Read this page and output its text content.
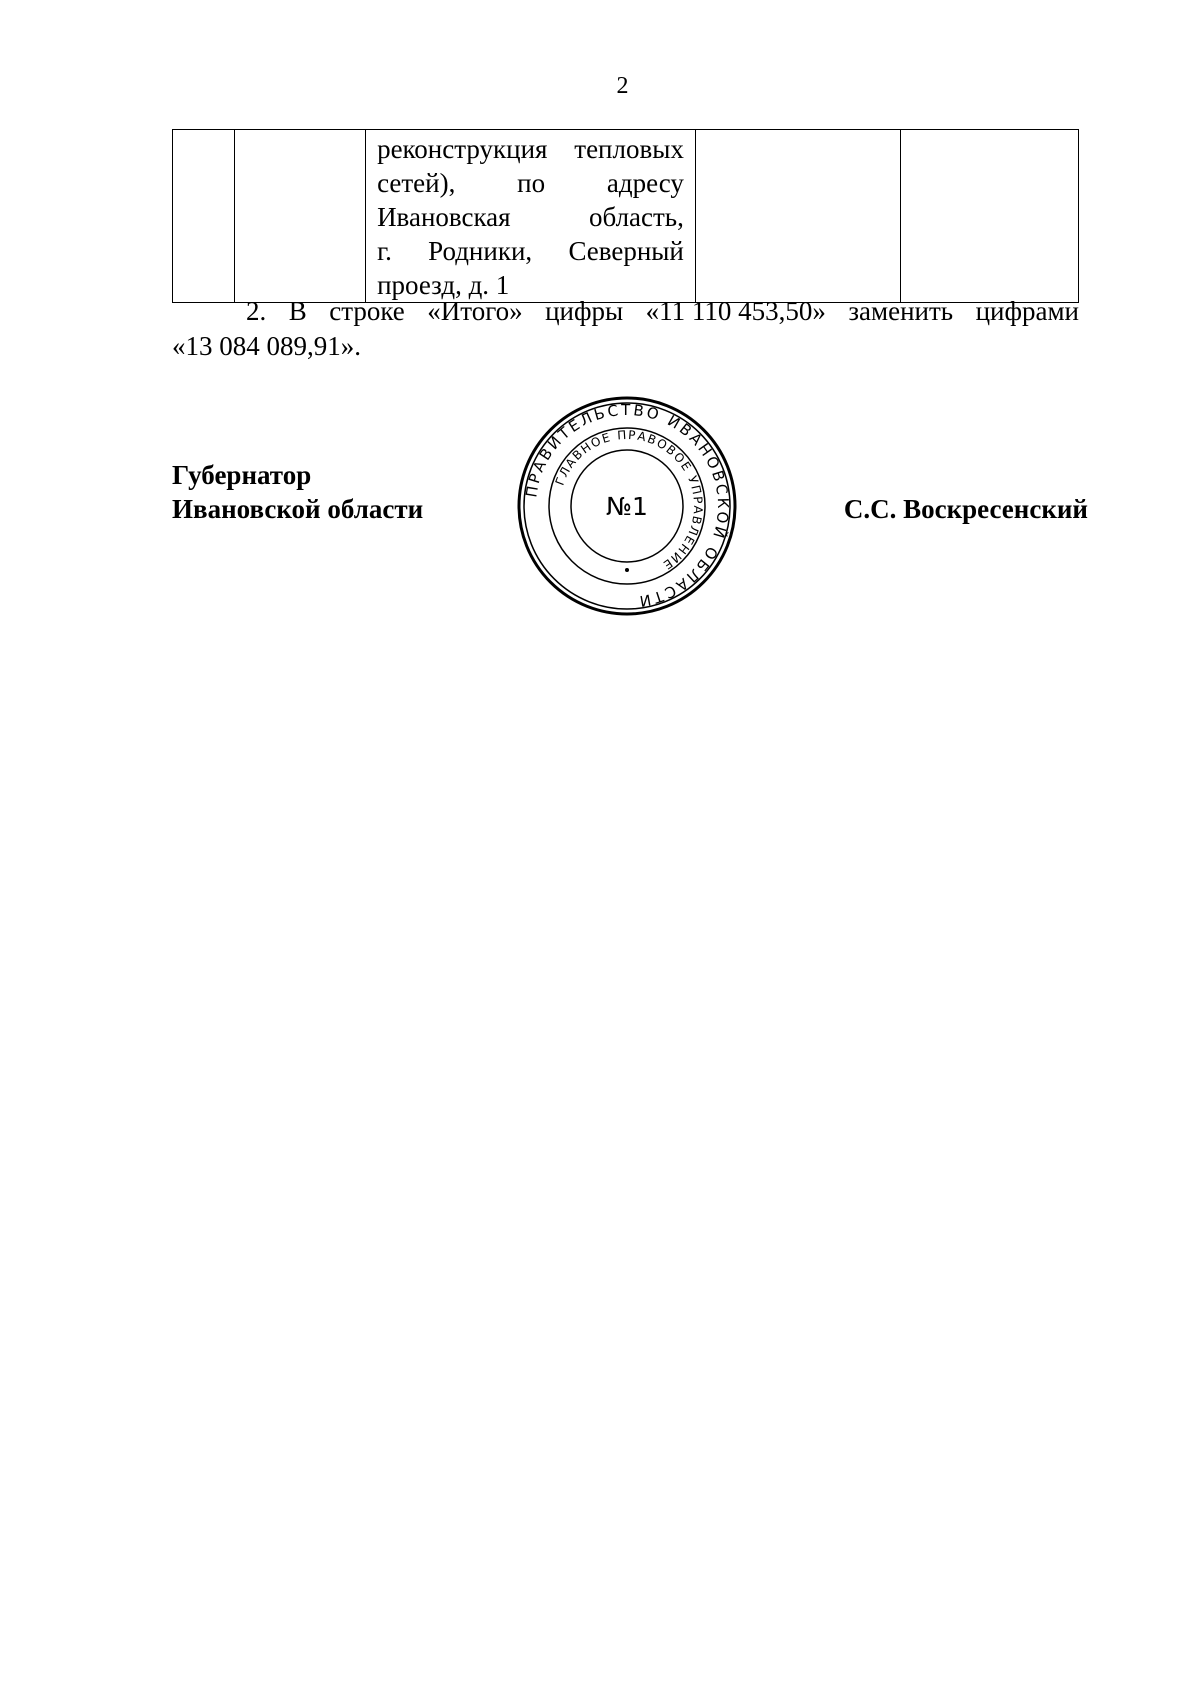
2

реконструкция тепловых
сетей), по адресу
Ивановская	область,
г. Родники, Северный
проезд, д. 1

2. В строке «Итого» цифры «11 110 453,50» заменить цифрами
«13 084 089,91».
Губернатор
Ивановской области
ПРАВИТЕЛЬСТВО ИВАНОВСКОЙ ОБЛАСТИ
ГЛАВНОЕ ПРАВОВОЕ УПРАВЛЕНИЕ
№1	С.С. Воскресенский
